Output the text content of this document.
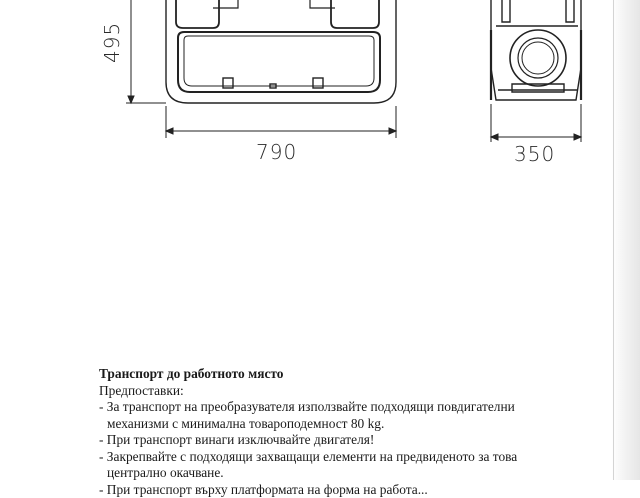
495
790	350
Транспорт до работното място
Предпоставки:
- За транспорт на преобразувателя използвайте подходящи повдигателни
механизми с минимална товароподемност 80 kg.
- При транспорт винаги изключвайте двигателя!
- Закрепвайте с подходящи захващащи елементи на предвиденото за това
централно окачване.
- При транспорт върху платформата на форма на работа...
